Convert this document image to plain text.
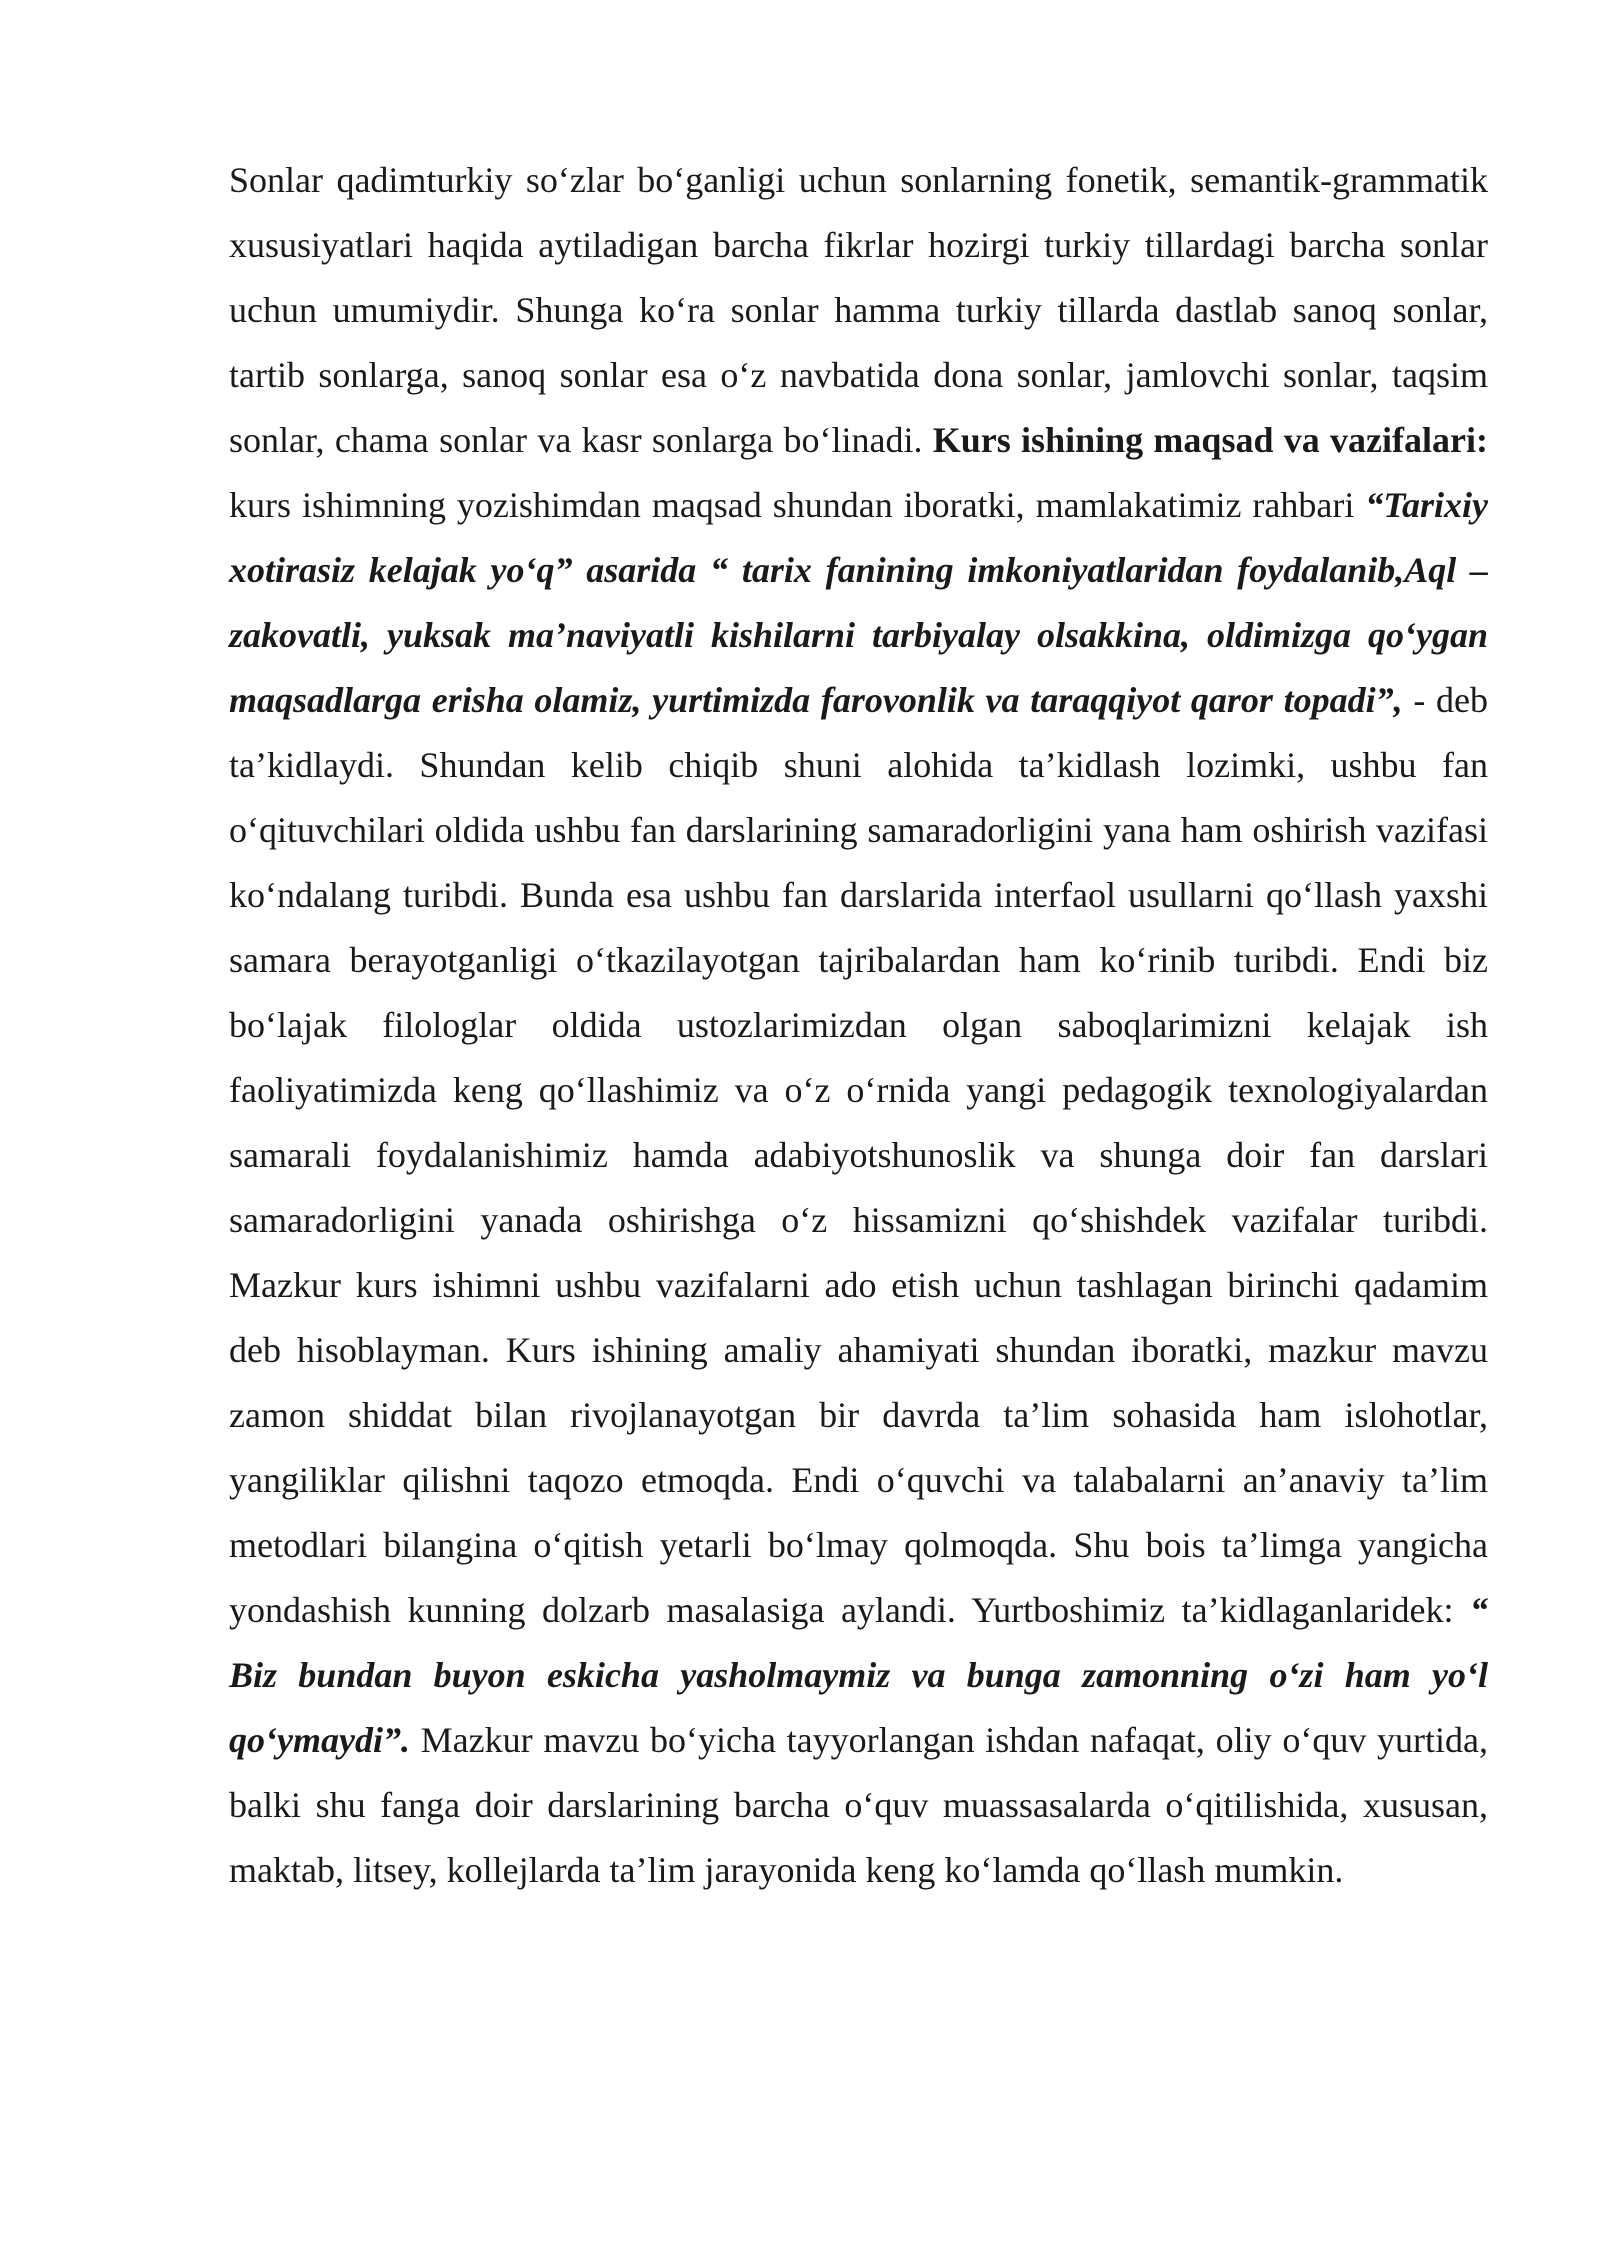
Sonlar qadimturkiy so‘zlar bo‘ganligi uchun sonlarning fonetik, semantik-grammatik xususiyatlari haqida aytiladigan barcha fikrlar hozirgi turkiy tillardagi barcha sonlar uchun umumiydir. Shunga ko‘ra sonlar hamma turkiy tillarda dastlab sanoq sonlar, tartib sonlarga, sanoq sonlar esa o‘z navbatida dona sonlar, jamlovchi sonlar, taqsim sonlar, chama sonlar va kasr sonlarga bo‘linadi. Kurs ishining maqsad va vazifalari: kurs ishimning yozishimdan maqsad shundan iboratki, mamlakatimiz rahbari “Tarixiy xotirasiz kelajak yo‘q” asarida “ tarix fanining imkoniyatlaridan foydalanib,Aql – zakovatli, yuksak ma’naviyatli kishilarni tarbiyalay olsakkina, oldimizga qo‘ygan maqsadlarga erisha olamiz, yurtimizda farovonlik va taraqqiyot qaror topadi”, - deb ta’kidlaydi. Shundan kelib chiqib shuni alohida ta’kidlash lozimki, ushbu fan o‘qituvchilari oldida ushbu fan darslarining samaradorligini yana ham oshirish vazifasi ko‘ndalang turibdi. Bunda esa ushbu fan darslarida interfaol usullarni qo‘llash yaxshi samara berayotganligi o‘tkazilayotgan tajribalardan ham ko‘rinib turibdi. Endi biz bo‘lajak filologlar oldida ustozlarimizdan olgan saboqlarimizni kelajak ish faoliyatimizda keng qo‘llashimiz va o‘z o‘rnida yangi pedagogik texnologiyalardan samarali foydalanishimiz hamda adabiyotshunoslik va shunga doir fan darslari samaradorligini yanada oshirishga o‘z hissamizni qo‘shishdek vazifalar turibdi. Mazkur kurs ishimni ushbu vazifalarni ado etish uchun tashlagan birinchi qadamim deb hisoblayman. Kurs ishining amaliy ahamiyati shundan iboratki, mazkur mavzu zamon shiddat bilan rivojlanayotgan bir davrda ta’lim sohasida ham islohotlar, yangiliklar qilishni taqozo etmoqda. Endi o‘quvchi va talabalarni an’anaviy ta’lim metodlari bilangina o‘qitish yetarli bo‘lmay qolmoqda. Shu bois ta’limga yangicha yondashish kunning dolzarb masalasiga aylandi. Yurtboshimiz ta’kidlaganlaridek: “ Biz bundan buyon eskicha yasholmaymiz va bunga zamonning o‘zi ham yo‘l qo‘ymaydi”. Mazkur mavzu bo‘yicha tayyorlangan ishdan nafaqat, oliy o‘quv yurtida, balki shu fanga doir darslarining barcha o‘quv muassasalarda o‘qitilishida, xususan, maktab, litsey, kollejlarda ta’lim jarayonida keng ko‘lamda qo‘llash mumkin.
